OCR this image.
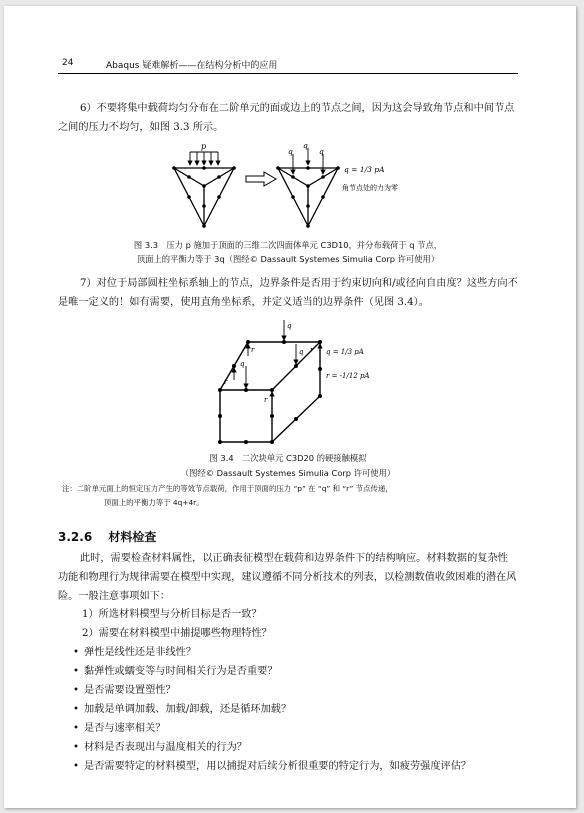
24	Abaqus 疑难解析——在结构分析中的应用

6）不要将集中载荷均匀分布在二阶单元的面或边上的节点之间，因为这会导致角节点和中间节点之间的压力不均匀，如图 3.3 所示。

p
q
q
q
q = 1/3 pA
角节点处的力为零
图 3.3　压力 p 施加于顶面的三维二次四面体单元 C3D10，并分布载荷于 q 节点，
顶面上的平衡力等于 3q（图经© Dassault Systemes Simulia Corp 许可使用）

7）对位于局部圆柱坐标系轴上的节点，边界条件是否用于约束切向和/或径向自由度？这些方向不是唯一定义的！如有需要，使用直角坐标系，并定义适当的边界条件（见图 3.4）。

r
r
r
r
q
q
q	q = 1/3 pA
r = -1/12 pA
图 3.4　二次块单元 C3D20 的硬接触模拟
（图经© Dassault Systemes Simulia Corp 许可使用）
注：二阶单元面上的恒定压力产生的等效节点载荷，作用于顶面的压力 “p” 在 “q” 和 “r” 节点传递，
顶面上的平衡力等于 4q+4r。
3.2.6 材料检查

此时，需要检查材料属性，以正确表征模型在载荷和边界条件下的结构响应。材料数据的复杂性功能和物理行为规律需要在模型中实现，建议遵循不同分析技术的列表，以检测数值收敛困难的潜在风险。一般注意事项如下：

1）所选材料模型与分析目标是否一致？
2）需要在材料模型中捕提哪些物理特性？
• 弹性是线性还是非线性？
• 黏弹性或蠕变等与时间相关行为是否重要？
• 是否需要设置塑性？
• 加载是单调加载、加载/卸载，还是循环加载？
• 是否与速率相关？
• 材料是否表现出与温度相关的行为？
• 是否需要特定的材料模型，用以捕提对后续分析很重要的特定行为，如疲劳强度评估？
